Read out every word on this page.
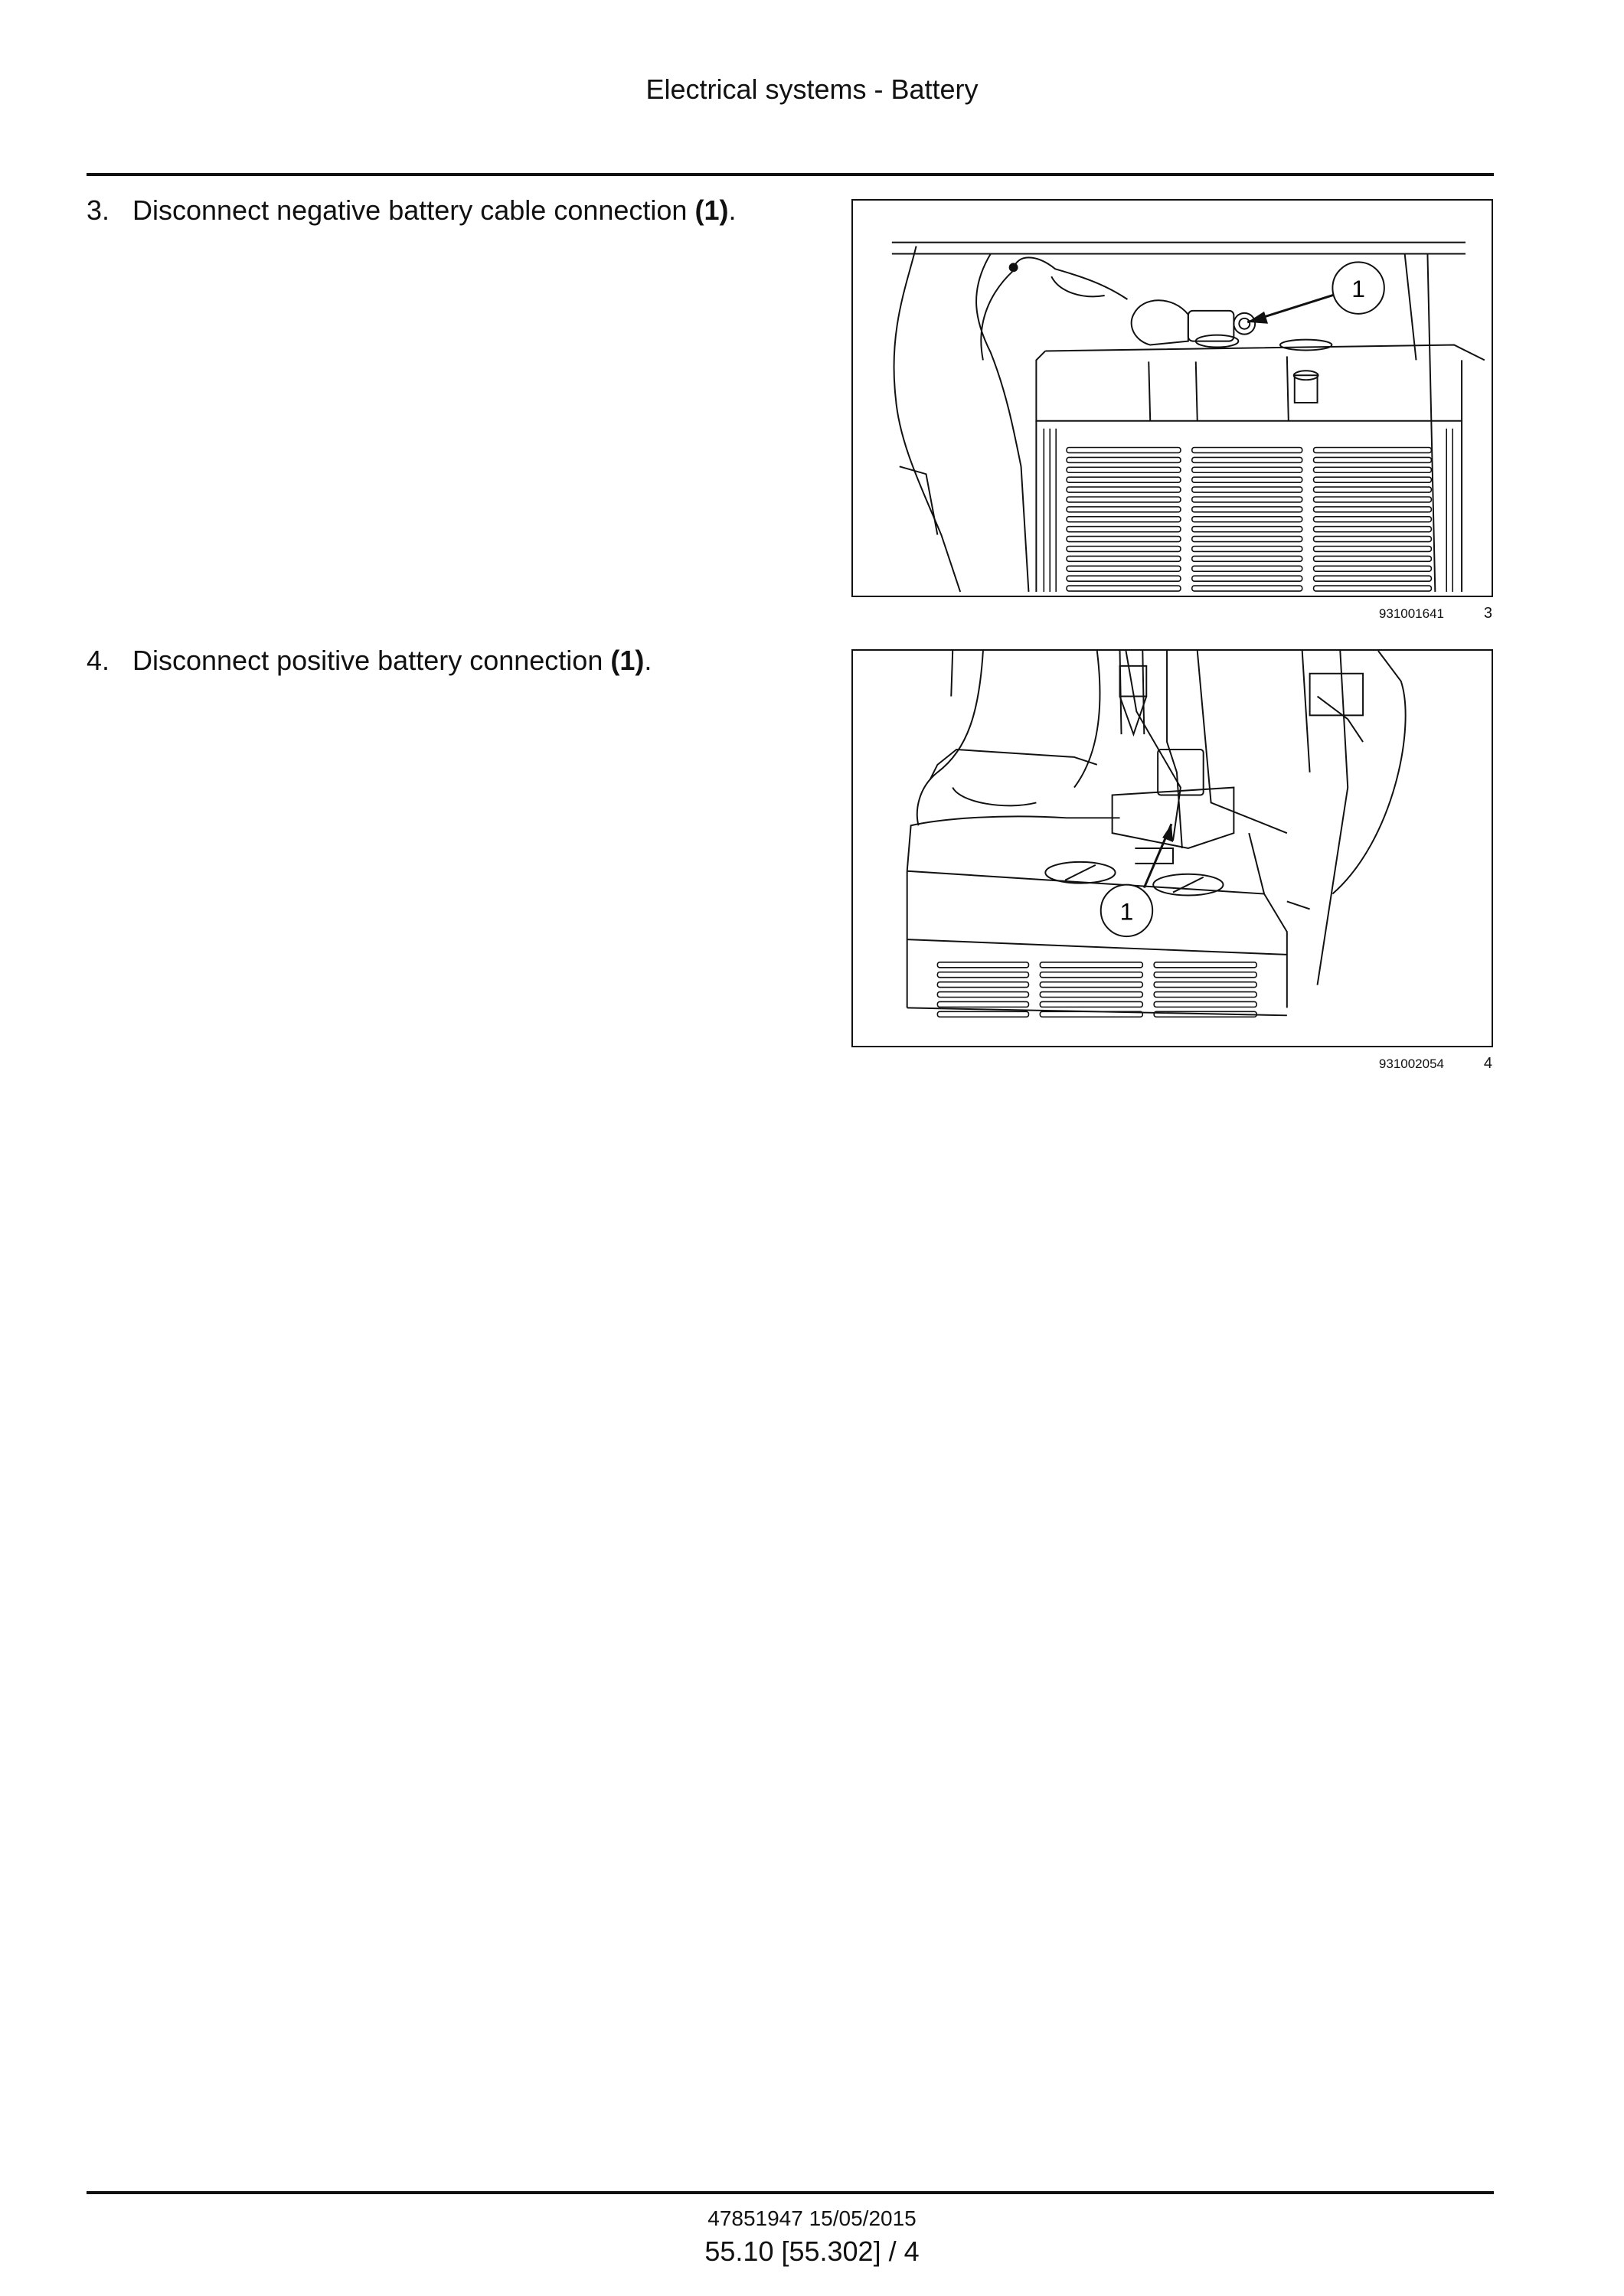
Electrical systems - Battery
3. Disconnect negative battery cable connection (1).
1
931001641	3
4. Disconnect positive battery connection (1).
1
931002054	4
47851947 15/05/2015
55.10 [55.302] / 4
